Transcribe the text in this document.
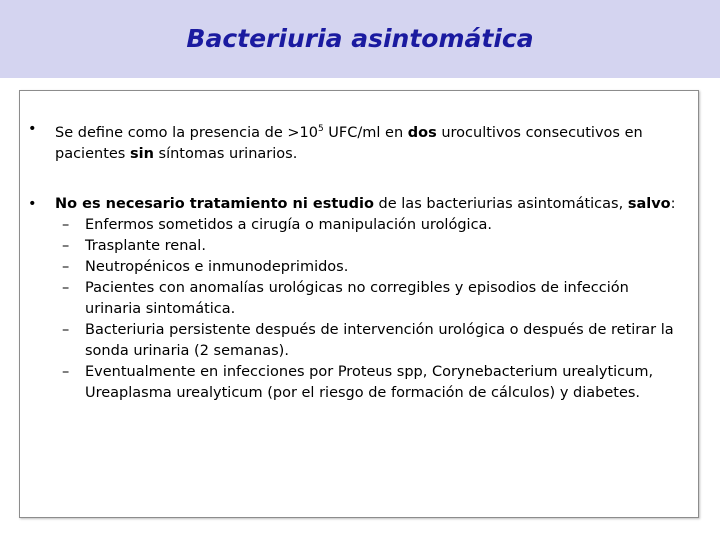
Bacteriuria asintomática
• Se define como la presencia de $>10^5$ UFC/ml en dos urocultivos consecutivos en pacientes sin síntomas urinarios.
• No es necesario tratamiento ni estudio de las bacteriurias asintomáticas, salvo:
– Enfermos sometidos a cirugía o manipulación urológica.
– Trasplante renal.
– Neutropénicos e inmunodeprimidos.
– Pacientes con anomalías urológicas no corregibles y episodios de infección urinaria sintomática.
– Bacteriuria persistente después de intervención urológica o después de retirar la sonda urinaria (2 semanas).
– Eventualmente en infecciones por Proteus spp, Corynebacterium urealyticum, Ureaplasma urealyticum (por el riesgo de formación de cálculos) y diabetes.
